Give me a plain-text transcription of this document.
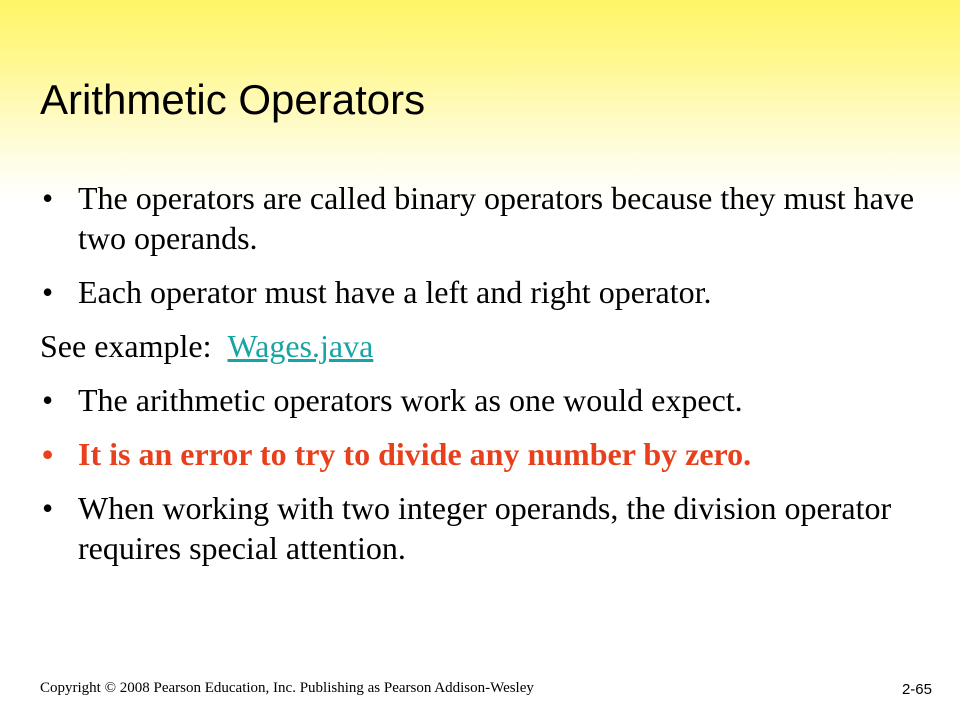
Arithmetic Operators
• The operators are called binary operators because they must have two operands.
• Each operator must have a left and right operator.
See example: Wages.java
• The arithmetic operators work as one would expect.
• It is an error to try to divide any number by zero.
• When working with two integer operands, the division operator requires special attention.
Copyright © 2008 Pearson Education, Inc. Publishing as Pearson Addison-Wesley	2-65
